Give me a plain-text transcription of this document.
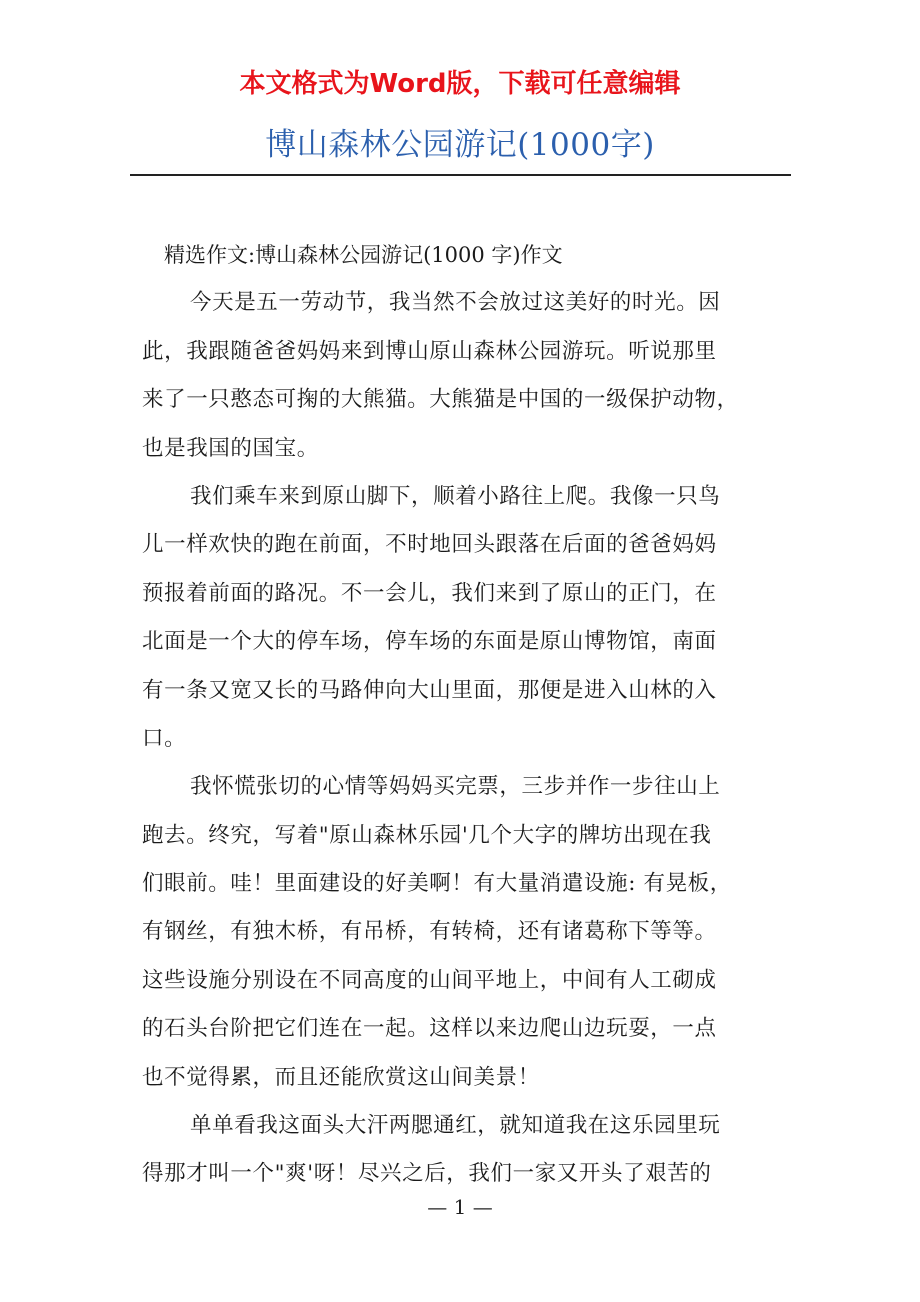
本文格式为Word版，下载可任意编辑
博山森林公园游记(1000字)
精选作文:博山森林公园游记(1000 字)作文
今天是五一劳动节，我当然不会放过这美好的时光。因
此，我跟随爸爸妈妈来到博山原山森林公园游玩。听说那里
来了一只憨态可掬的大熊猫。大熊猫是中国的一级保护动物，
也是我国的国宝。
我们乘车来到原山脚下，顺着小路往上爬。我像一只鸟
儿一样欢快的跑在前面，不时地回头跟落在后面的爸爸妈妈
预报着前面的路况。不一会儿，我们来到了原山的正门，在
北面是一个大的停车场，停车场的东面是原山博物馆，南面
有一条又宽又长的马路伸向大山里面，那便是进入山林的入
口。
我怀慌张切的心情等妈妈买完票，三步并作一步往山上
跑去。终究，写着"原山森林乐园'几个大字的牌坊出现在我
们眼前。哇！里面建设的好美啊！有大量消遣设施: 有晃板，
有钢丝，有独木桥，有吊桥，有转椅，还有诸葛称下等等。
这些设施分别设在不同高度的山间平地上，中间有人工砌成
的石头台阶把它们连在一起。这样以来边爬山边玩耍，一点
也不觉得累，而且还能欣赏这山间美景！
单单看我这面头大汗两腮通红，就知道我在这乐园里玩
得那才叫一个"爽'呀！尽兴之后，我们一家又开头了艰苦的
— 1 —
